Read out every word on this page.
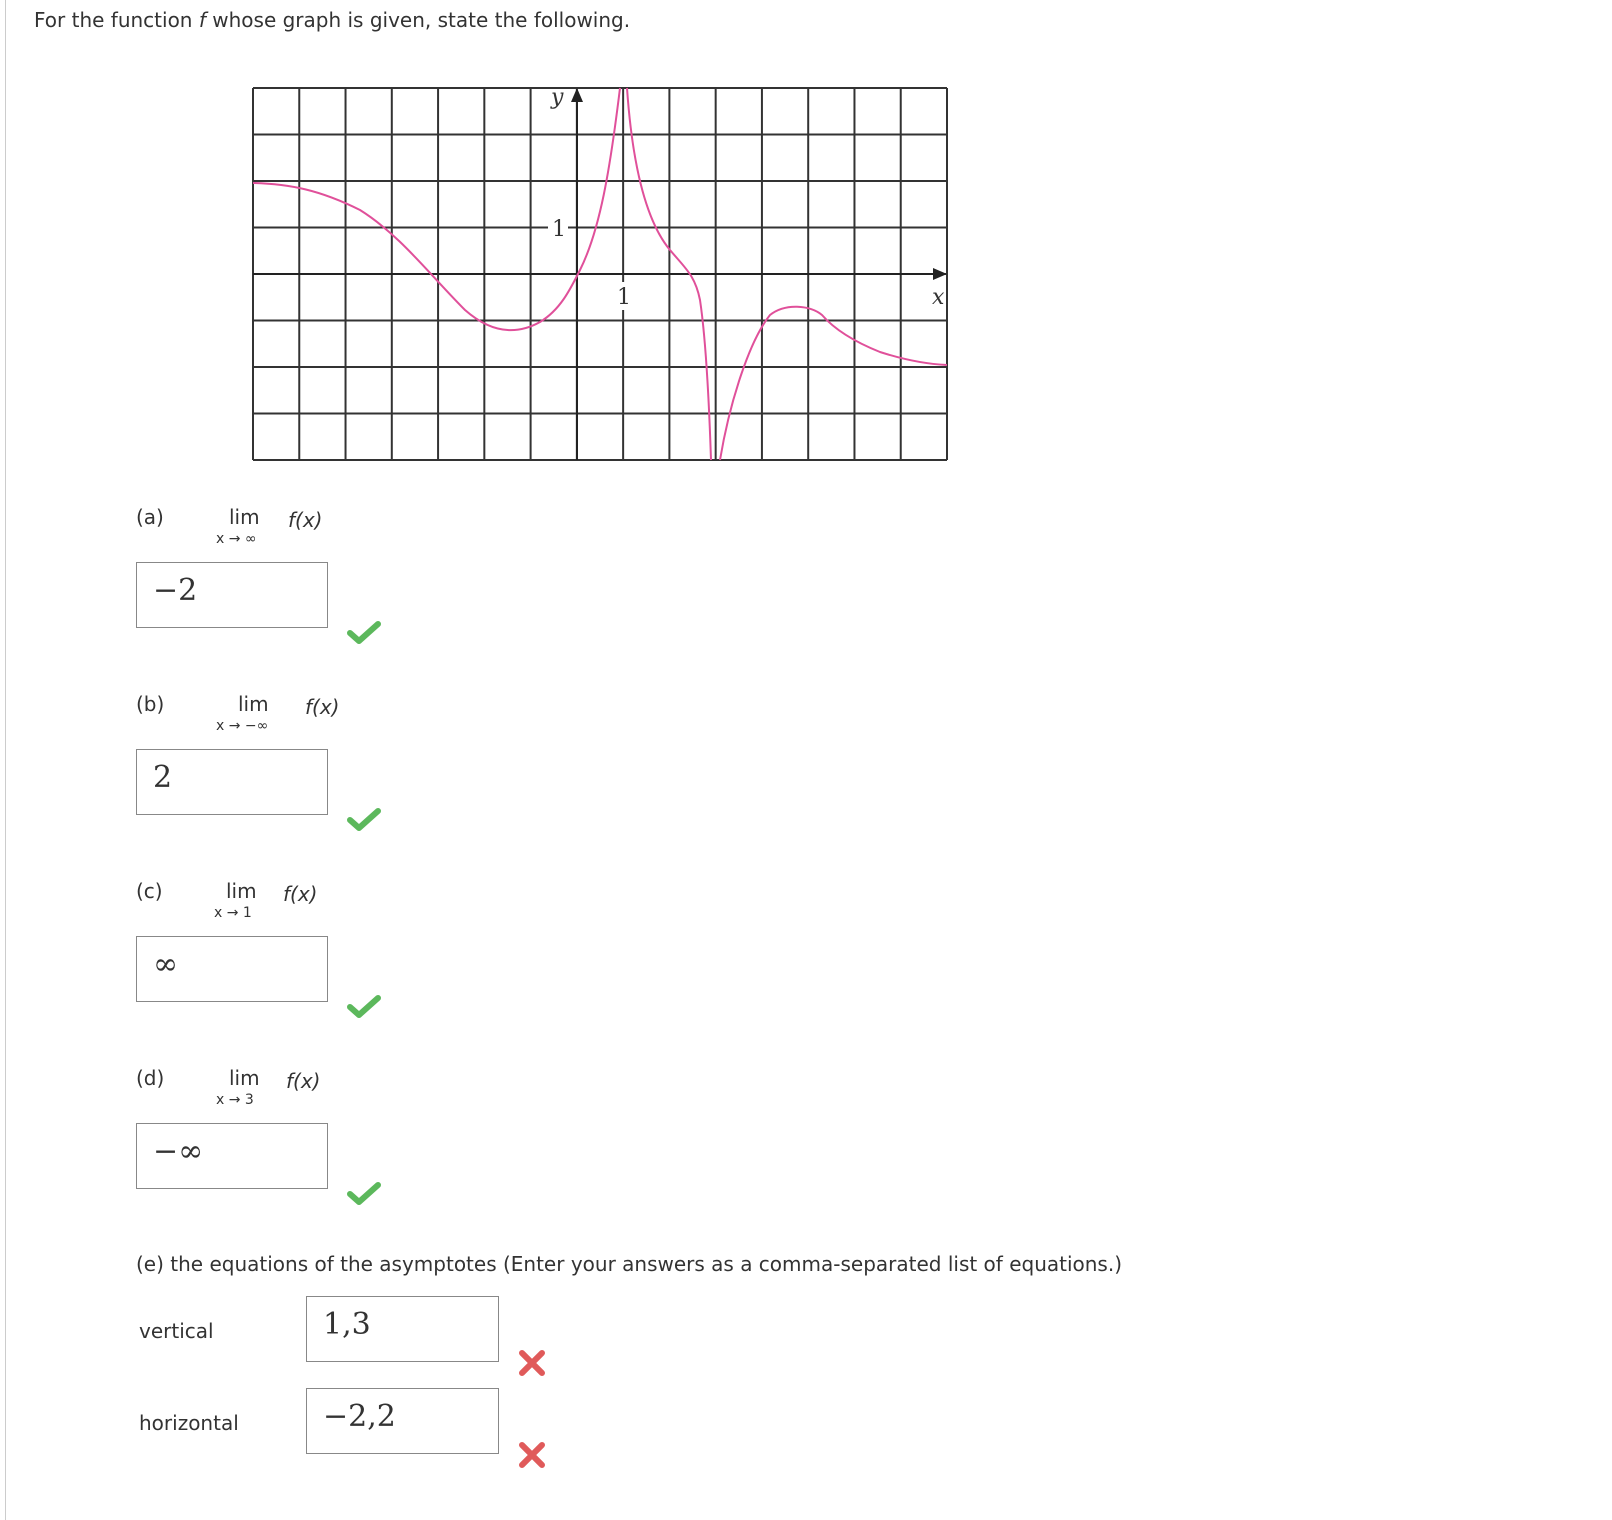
For the function f whose graph is given, state the following.
1
1
y
x
(a)	lim
x → ∞
f(x)
−2
(b)	lim
x → −∞
f(x)
2
(c)	lim
x → 1
f(x)
∞
(d)	lim
x → 3
f(x)
−∞
(e) the equations of the asymptotes (Enter your answers as a comma-separated list of equations.)
vertical	1,3
horizontal	−2,2
